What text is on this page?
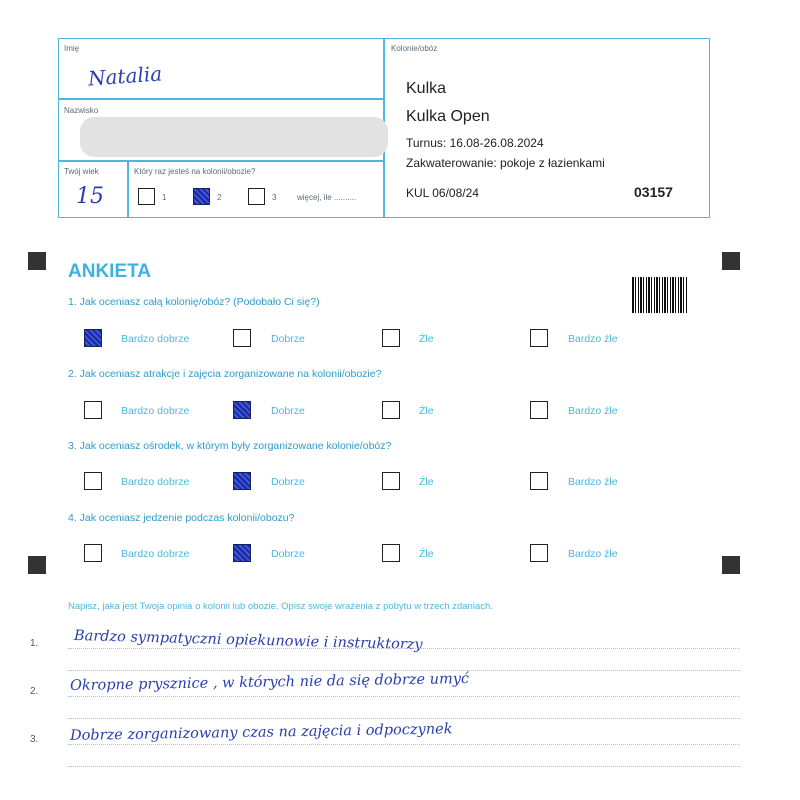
Imię
Natalia
Nazwisko
Twój wiek
15
Który raz jesteś na kolonii/obozie?
1	2	3	więcej, ile ..........
Kolonie/obóz
Kulka
Kulka Open
Turnus: 16.08-26.08.2024
Zakwaterowanie: pokoje z łazienkami
KUL 06/08/24	03157
ANKIETA
1. Jak oceniasz całą kolonię/obóz? (Podobało Ci się?)
Bardzo dobrze	Dobrze	Źle	Bardzo źle
2. Jak oceniasz atrakcje i zajęcia zorganizowane na kolonii/obozie?
Bardzo dobrze	Dobrze	Źle	Bardzo źle
3. Jak oceniasz ośrodek, w którym były zorganizowane kolonie/obóz?
Bardzo dobrze	Dobrze	Źle	Bardzo źle
4. Jak oceniasz jedzenie podczas kolonii/obozu?
Bardzo dobrze	Dobrze	Źle	Bardzo źle
Napisz, jaka jest Twoja opinia o kolonii lub obozie. Opisz swoje wrażenia z pobytu w trzech zdaniach.
1. Bardzo sympatyczni opiekunowie i instruktorzy
2. Okropne prysznice , w których nie da się dobrze umyć
3. Dobrze zorganizowany czas na zajęcia i odpoczynek
